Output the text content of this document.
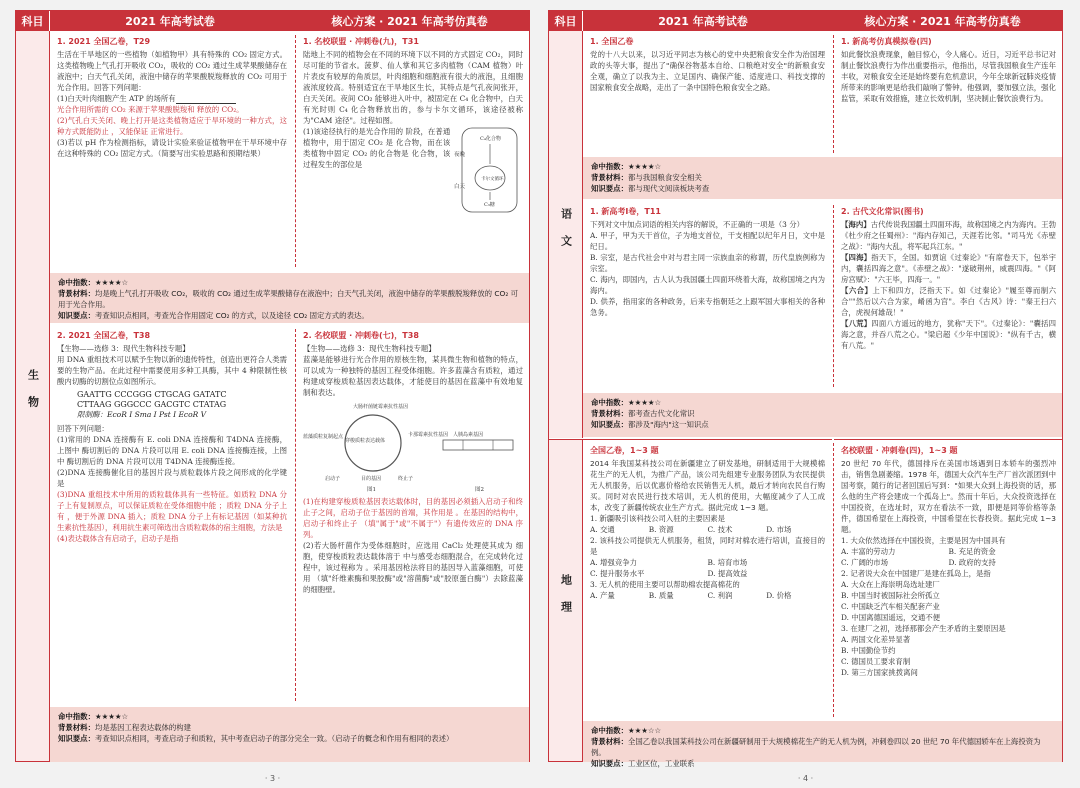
科目	2021 年高考试卷	核心方案 · 2021 年高考仿真卷
生物
1. 2021 全国乙卷，T29
生活在干旱地区的一些植物（如植物甲）具有特殊的 CO₂ 固定方式。这类植物晚上气孔打开吸收 CO₂，吸收的 CO₂ 通过生成苹果酸储存在液泡中；白天气孔关闭，液泡中储存的苹果酸脱羧释放的 CO₂ 可用于光合作用。回答下列问题：
(1)白天叶肉细胞产生 ATP 的场所有
光合作用所需的 CO₂ 来源于苹果酸脱羧和 释放的 CO₂。
(2)气孔白天关闭、晚上打开是这类植物适应于旱环境的一种方式，这种方式既能防止 ，又能保证 正常进行。
(3)若以 pH 作为检测指标，请设计实验来验证植物甲在干旱环境中存在这种特殊的 CO₂ 固定方式。（简要写出实验思路和预期结果）
1. 名校联盟 · 冲刺卷(九)，T31
陆地上不同的植物会在不同的环境下以不同的方式固定 CO₂，同时尽可能的节省水。菠萝、仙人掌和其它多肉植物（CAM 植物）叶片表皮有较厚的角质层，叶肉细胞和细胞液有很大的液泡，且细胞液浓度较高。特别适宜在干旱地区生长，其特点是气孔夜间张开，白天关闭。夜间 CO₂ 能够进入叶中，被固定在 C₄ 化合物中，白天有光时则 C₄ 化合物释放出的，参与卡尔文循环，该途径被称为"CAM 途径"。过程如图。
(1)该途径执行的是光合作用的 阶段，在普通植物中，用于固定 CO₂ 是 化合物，而在该类植物中固定 CO₂ 的化合物是 化合物，该过程发生的部位是
夜晚
白天
C₄化合物
卡尔文循环
C₃糖
命中指数：★★★★☆
背景材料：均是晚上气孔打开吸收 CO₂，吸收的 CO₂ 通过生成苹果酸储存在液泡中；白天气孔关闭，液泡中储存的苹果酸脱羧释放的 CO₂ 可用于光合作用。
知识要点：考查知识点相同，考查光合作用固定 CO₂ 的方式，以及途径 CO₂ 固定方式的表达。
2. 2021 全国乙卷，T38
【生物——选修 3：现代生物科技专题】
用 DNA 重组技术可以赋予生物以新的遗传特性，创造出更符合人类需要的生物产品。在此过程中需要使用多种工具酶，其中 4 种限制性核酸内切酶的切割位点如图所示。
GAATTG CCCGGG CTGCAG GATATC
CTTAAG GGGCCC GACGTC CTATAG
限制酶：EcoR Ⅰ Sma Ⅰ Pst Ⅰ EcoR Ⅴ
回答下列问题：
(1)常用的 DNA 连接酶有 E. coli DNA 连接酶和 T4DNA 连接酶，上图中 酶切割后的 DNA 片段可以用 E. coli DNA 连接酶连接，上图中 酶切割后的 DNA 片段可以用 T4DNA 连接酶连接。
(2)DNA 连接酶催化目的基因片段与质粒载体片段之间形成的化学键是
(3)DNA 重组技术中所用的质粒载体具有一些特征。如质粒 DNA 分子上有复制原点，可以保证质粒在受体细胞中能 ；质粒 DNA 分子上有 ，便于外源 DNA 插入；质粒 DNA 分子上有标记基因（如某种抗生素抗性基因），利用抗生素可筛选出含质粒载体的宿主细胞，方法是
(4)表达载体含有启动子，启动子是指
2. 名校联盟 · 冲刺卷(七)，T38
【生物——选修 3：现代生物科技专题】
蓝藻是能够进行光合作用的原核生物，某具微生物和植物的特点，可以成为一种独特的基因工程受体细胞。许多蓝藻含有质粒，通过构建成穿梭质粒基因表达载体，才能使目的基因在蓝藻中有效地复制和表达。
穿梭质粒表达载体
大肠杆菌链霉素抗性基因
蓝藻质粒复制起点	卡那霉素抗性基因
启动子	目的基因	终止子
图1
人胰岛素基因
图2
(1)在构建穿梭质粒基因表达载体时，目的基因必须插入启动子和终止子之间，启动子位于基因的首端，其作用是 。在基因的结构中，启动子和终止子 （填"属于"或"不属于"）有遗传效应的 DNA 序列。
(2)若大肠杆菌作为受体细胞时，应选用 CaCl₂ 处理使其成为 细胞，使穿梭质粒表达载体溶于 中与感受态细胞混合，在完成转化过程中，该过程称为 。采用基因枪法将目的基因导入蓝藻细胞，可使用 （填"纤维素酶和果胶酶"或"溶菌酶"或"胶原蛋白酶"）去除蓝藻的细胞壁。
命中指数：★★★★☆
背景材料：均是基因工程表达载体的构建
知识要点：考查知识点相同，考查启动子和质粒，其中考查启动子的部分完全一致。（启动子的概念和作用有相同的表述）
· 3 ·
科目	2021 年高考试卷	核心方案 · 2021 年高考仿真卷
语文
1. 全国乙卷
党的十八大以来，以习近平同志为核心的党中央把粮食安全作为治国理政的头等大事，提出了"确保谷物基本自给、口粮绝对安全"的新粮食安全观，确立了以我为主、立足国内、确保产能、适度进口、科技支撑的国家粮食安全战略，走出了一条中国特色粮食安全之路。
1. 新高考仿真模拟卷(四)
如此餐饮浪费现象，触目惊心，令人痛心。近日，习近平总书记对制止餐饮浪费行为作出重要指示，他指出，尽管我国粮食生产连年丰收，对粮食安全还是始终要有危机意识，今年全球新冠肺炎疫情所带来的影响更是给我们敲响了警钟。他强调，要加强立法，强化监管，采取有效措施，建立长效机制，坚决制止餐饮浪费行为。
命中指数：★★★★☆
背景材料：都与我国粮食安全相关
知识要点：都与现代文阅读板块考查
1. 新高考Ⅰ卷，T11
下列对文中加点词语的相关内容的解说，不正确的一项是（3 分）
A. 甲子，甲为天干首位，子为地支首位，干支相配以纪年月日，文中是纪日。
B. 宗室，是古代社会中对与君主同一宗族血亲的称谓，历代皇族例称为宗室。
C. 海内，即国内，古人认为我国疆土四面环绕着大海，故称国境之内为海内。
D. 供养，指用家的各种政务，后来专指朝廷之上跟军国大事相关的各种急务。
2. 古代文化常识(图书)
【海内】古代传说我国疆土四面环海，故称国境之内为海内。王勃《杜少府之任蜀州》："海内存知己，天涯若比邻。"司马光《赤壁之战》："海内大乱，将军起兵江东。"
【四海】指天下，全国。如贾谊《过秦论》"有席卷天下，包举宇内，囊括四海之意"。《赤壁之战》："遂破荆州，威震四海。"《阿房宫赋》："六王毕，四海一。"
【六合】上下和四方，泛指天下。如《过秦论》"履至尊而制六合""然后以六合为家，崤函为宫"。李白《古风》诗："秦王扫六合，虎视何雄哉！"
【八荒】四面八方遥远的地方，犹称"天下"。《过秦论》："囊括四海之意，并吞八荒之心。"梁启超《少年中国说》："纵有千古，横有八荒。"
命中指数：★★★★☆
背景材料：都考查古代文化常识
知识要点：都涉及"海内"这一知识点
地理
全国乙卷，1~3 题
2014 年我国某科技公司在新疆建立了研发基地，研制适用于大规模棉花生产的无人机，为推广产品，该公司先组建专业服务团队为农民提供无人机服务，后以优惠价格给农民销售无人机，最后才转向农民自行购买。同时对农民进行技术培训，无人机的使用，大幅度减少了人工成本，改变了新疆传统农业生产方式。据此完成 1~3 题。
1. 新疆吸引该科技公司入驻的主要因素是
A. 交通	B. 资源	C. 技术	D. 市场
2. 该科技公司提供无人机服务，租赁，同时对棉农进行培训，直接目的是
A. 增强竞争力	B. 培育市场
C. 提升服务水平	D. 提高效益
3. 无人机的使用主要可以帮助棉农提高棉花的
A. 产量	B. 质量	C. 利润	D. 价格
名校联盟 · 冲刺卷(四)，1~3 题
20 世纪 70 年代，德国排斥在美国市场遇到日本轿车的强烈冲击，销售急剧萎缩。1978 年，德国大众汽车生产厂首次派团到中国考察，随行的记者回国后写到："如果大众到上海投资的话，那么他的生产将会建成一个孤岛上"。然而十年后，大众投资选择在中国投资，在选址时，双方在看法不一致，即便是同等价格等条件，德国希望在上海投资，中国希望在长春投资。据此完成 1~3 题。
1. 大众依然选择在中国投资，主要是因为中国具有
A. 丰富的劳动力	B. 充足的资金
C. 广阔的市场	D. 政府的支持
2. 记者说大众在中国建厂是建在孤岛上，是指
A. 大众在上海崇明岛选址建厂
B. 中国当时被国际社会所孤立
C. 中国缺乏汽车相关配套产业
D. 中国离德国遥远，交通不便
3. 在建厂之初，选择那都会产生矛盾的主要原因是
A. 两国文化差异显著
B. 中国勤俭节约
C. 德国员工要求育制
D. 第三方国家挑拨离间
命中指数：★★★☆☆
背景材料：全国乙卷以我国某科技公司在新疆研制用于大规模棉花生产的无人机为例，冲刺卷四以 20 世纪 70 年代德国轿车在上海投资为例。
知识要点：工业区位，工业联系
· 4 ·
